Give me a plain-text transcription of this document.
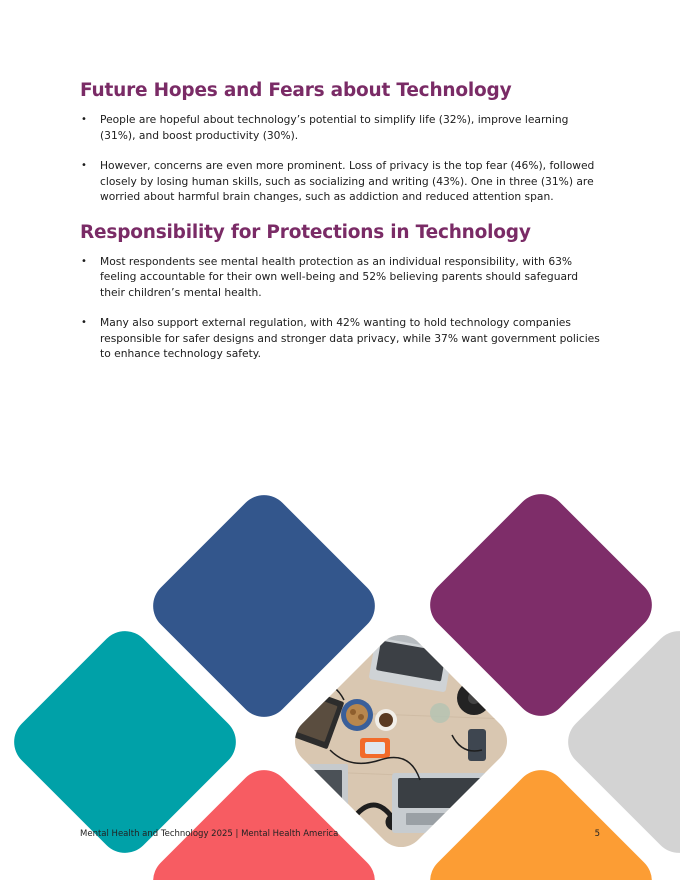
Future Hopes and Fears about Technology
• People are hopeful about technology’s potential to simplify life (32%), improve learning (31%), and boost productivity (30%).
• However, concerns are even more prominent. Loss of privacy is the top fear (46%), followed closely by losing human skills, such as socializing and writing (43%). One in three (31%) are worried about harmful brain changes, such as addiction and reduced attention span.
Responsibility for Protections in Technology
• Most respondents see mental health protection as an individual responsibility, with 63% feeling accountable for their own well-being and 52% believing parents should safeguard their children’s mental health.
• Many also support external regulation, with 42% wanting to hold technology companies responsible for safer designs and stronger data privacy, while 37% want government policies to enhance technology safety.
Mental Health and Technology 2025 | Mental Health America	5
